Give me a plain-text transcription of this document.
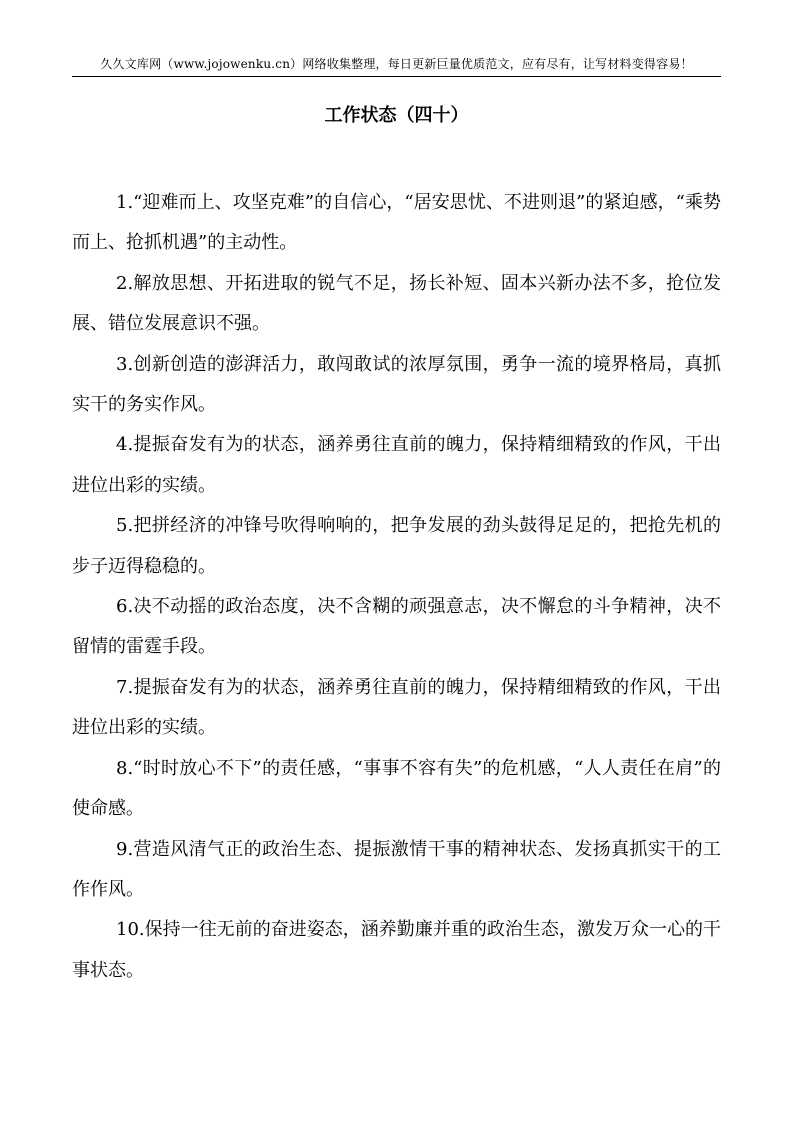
久久文库网（www.jojowenku.cn）网络收集整理，每日更新巨量优质范文，应有尽有，让写材料变得容易！
工作状态（四十）

1.“迎难而上、攻坚克难”的自信心，“居安思忧、不进则退”的紧迫感，“乘势而上、抢抓机遇”的主动性。

2.解放思想、开拓进取的锐气不足，扬长补短、固本兴新办法不多，抢位发展、错位发展意识不强。

3.创新创造的澎湃活力，敢闯敢试的浓厚氛围，勇争一流的境界格局，真抓实干的务实作风。

4.提振奋发有为的状态，涵养勇往直前的魄力，保持精细精致的作风，干出进位出彩的实绩。

5.把拼经济的冲锋号吹得响响的，把争发展的劲头鼓得足足的，把抢先机的步子迈得稳稳的。

6.决不动摇的政治态度，决不含糊的顽强意志，决不懈怠的斗争精神，决不留情的雷霆手段。

7.提振奋发有为的状态，涵养勇往直前的魄力，保持精细精致的作风，干出进位出彩的实绩。

8.“时时放心不下”的责任感，“事事不容有失”的危机感，“人人责任在肩”的使命感。

9.营造风清气正的政治生态、提振激情干事的精神状态、发扬真抓实干的工作作风。

10.保持一往无前的奋进姿态，涵养勤廉并重的政治生态，激发万众一心的干事状态。
